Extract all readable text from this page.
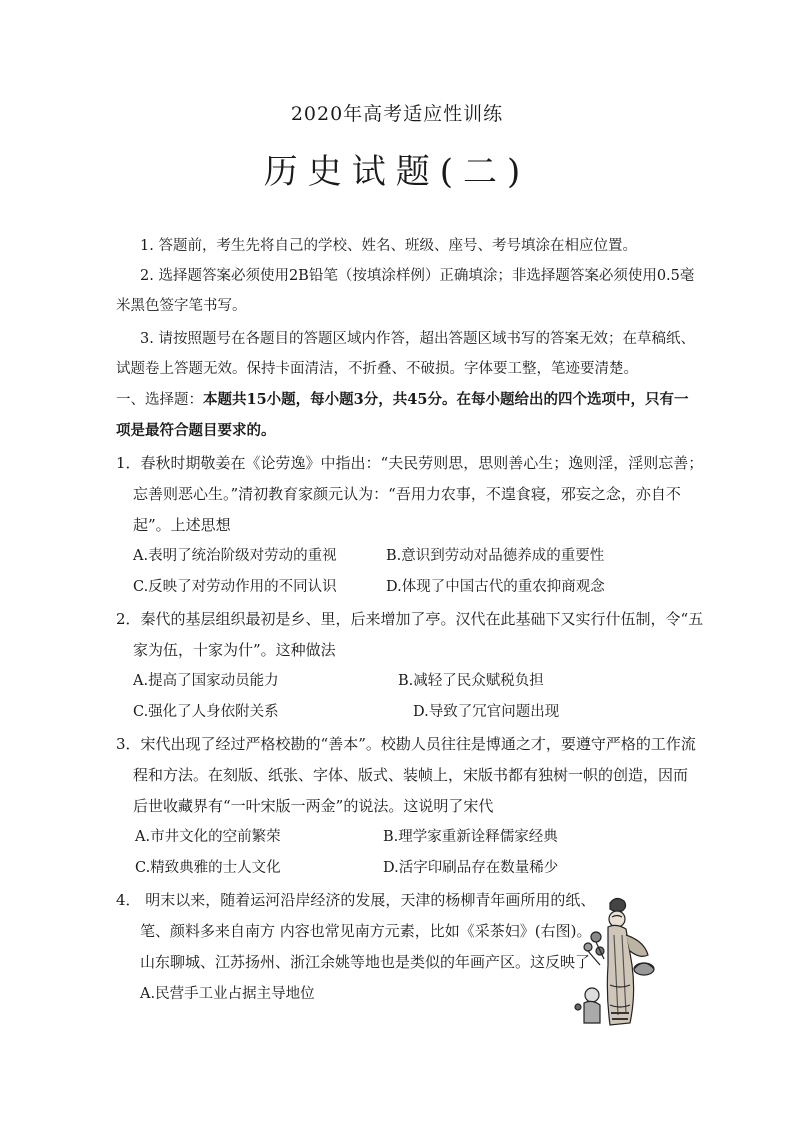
2020年高考适应性训练
历史试题(二)
1. 答题前，考生先将自己的学校、姓名、班级、座号、考号填涂在相应位置。
2. 选择题答案必须使用2B铅笔（按填涂样例）正确填涂；非选择题答案必须使用0.5毫
米黑色签字笔书写。
3. 请按照题号在各题目的答题区域内作答，超出答题区域书写的答案无效；在草稿纸、
试题卷上答题无效。保持卡面清洁，不折叠、不破损。字体要工整，笔迹要清楚。
一、选择题：本题共15小题，每小题3分，共45分。在每小题给出的四个选项中，只有一
项是最符合题目要求的。
1．春秋时期敬姜在《论劳逸》中指出：“夫民劳则思，思则善心生；逸则淫，淫则忘善；
忘善则恶心生。”清初教育家颜元认为：“吾用力农事，不遑食寝，邪妄之念，亦自不
起”。上述思想
A.表明了统治阶级对劳动的重视	B.意识到劳动对品德养成的重要性
C.反映了对劳动作用的不同认识	D.体现了中国古代的重农抑商观念
2．秦代的基层组织最初是乡、里，后来增加了亭。汉代在此基础下又实行什伍制，令“五
家为伍，十家为什”。这种做法
A.提高了国家动员能力	B.减轻了民众赋税负担
C.强化了人身依附关系	D.导致了冗官问题出现
3．宋代出现了经过严格校勘的“善本”。校勘人员往往是博通之才，要遵守严格的工作流
程和方法。在刻版、纸张、字体、版式、装帧上，宋版书都有独树一帜的创造，因而
后世收藏界有“一叶宋版一两金”的说法。这说明了宋代
A.市井文化的空前繁荣	B.理学家重新诠释儒家经典
C.精致典雅的士人文化	D.活字印刷品存在数量稀少
4． 明末以来，随着运河沿岸经济的发展，天津的杨柳青年画所用的纸、
笔、颜料多来自南方 内容也常见南方元素，比如《采茶妇》(右图)。
山东聊城、江苏扬州、浙江余姚等地也是类似的年画产区。这反映了
A.民营手工业占据主导地位
